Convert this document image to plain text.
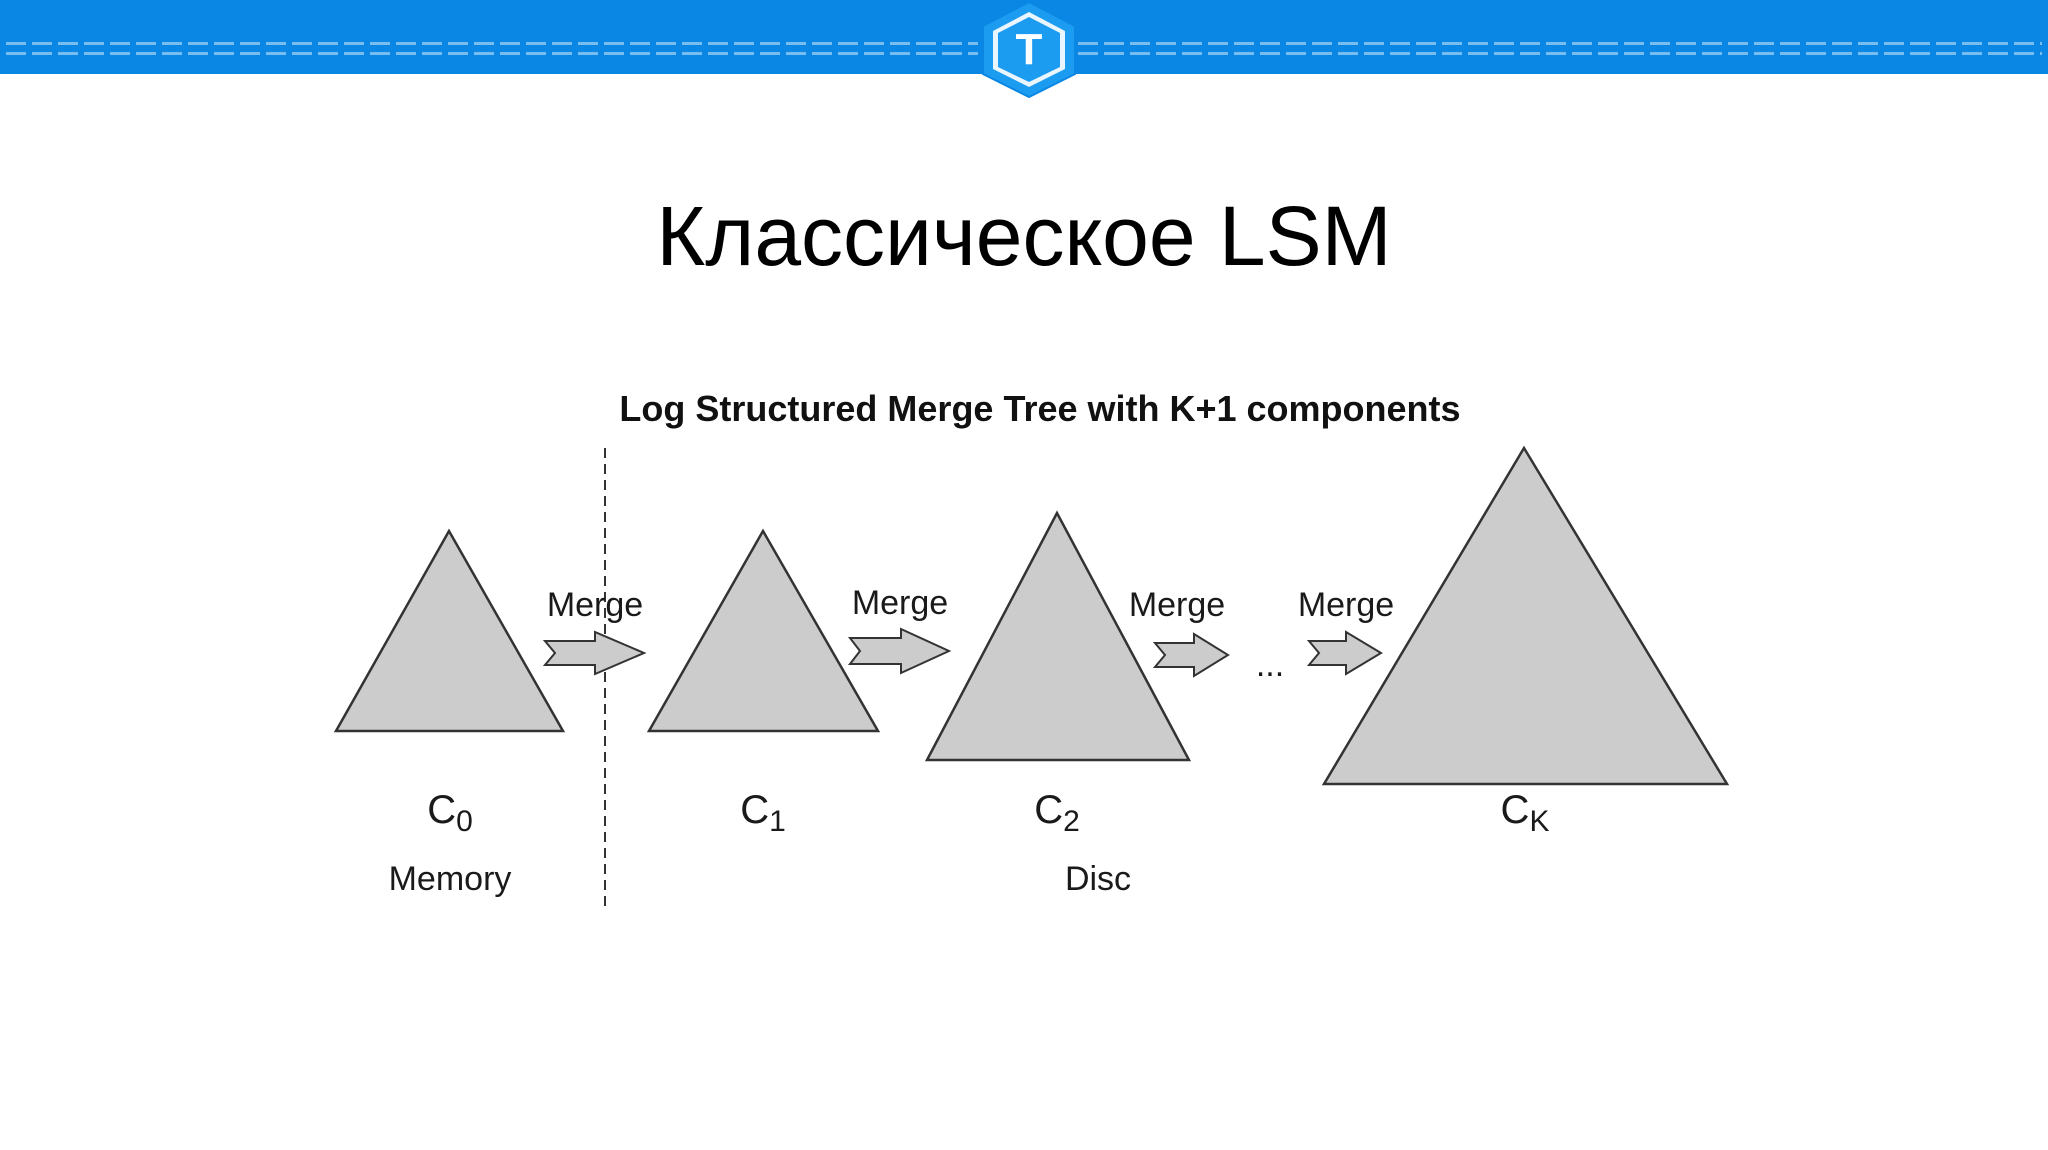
T
Классическое LSM
Log Structured Merge Tree with K+1 components
Merge	Merge	Merge Merge
...
$C_0$	$C_1$	$C_2$	$C_K$
Memory	Disc
